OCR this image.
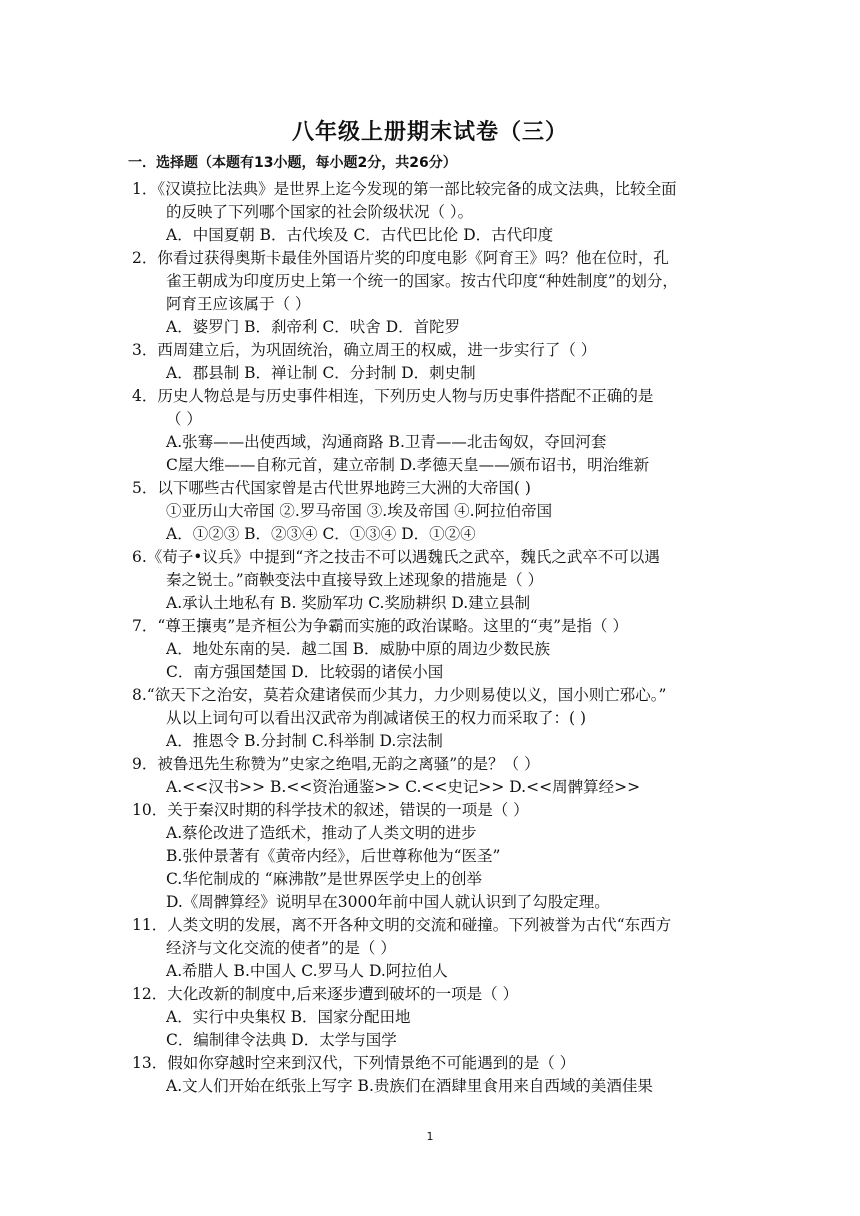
八年级上册期末试卷（三）
一．选择题（本题有13小题，每小题2分，共26分）
1．《汉谟拉比法典》是世界上迄今发现的第一部比较完备的成文法典，比较全面
的反映了下列哪个国家的社会阶级状况（ ）。
A．中国夏朝 B．古代埃及 C．古代巴比伦 D．古代印度
2．你看过获得奥斯卡最佳外国语片奖的印度电影《阿育王》吗？他在位时，孔
雀王朝成为印度历史上第一个统一的国家。按古代印度“种姓制度”的划分，
阿育王应该属于（ ）
A．婆罗门 B．刹帝利 C．吠舍 D．首陀罗
3．西周建立后，为巩固统治，确立周王的权威，进一步实行了（ ）
A．郡县制 B．禅让制 C．分封制 D．刺史制
4．历史人物总是与历史事件相连，下列历史人物与历史事件搭配不正确的是
（ ）
A.张骞——出使西域，沟通商路 B.卫青——北击匈奴，夺回河套
C屋大维——自称元首，建立帝制 D.孝德天皇——颁布诏书，明治维新
5．以下哪些古代国家曾是古代世界地跨三大洲的大帝国( )
①亚历山大帝国 ②.罗马帝国 ③.埃及帝国 ④.阿拉伯帝国
A．①②③ B．②③④ C．①③④ D．①②④
6.《荀子•议兵》中提到“齐之技击不可以遇魏氏之武卒，魏氏之武卒不可以遇
秦之锐士。”商鞅变法中直接导致上述现象的措施是（ ）
A.承认土地私有 B. 奖励军功 C.奖励耕织 D.建立县制
7．“尊王攘夷”是齐桓公为争霸而实施的政治谋略。这里的“夷”是指（ ）
A．地处东南的吴．越二国 B．威胁中原的周边少数民族
C．南方强国楚国 D．比较弱的诸侯小国
8.“欲天下之治安，莫若众建诸侯而少其力，力少则易使以义，国小则亡邪心。”
从以上词句可以看出汉武帝为削减诸侯王的权力而采取了：( )
A．推恩令 B.分封制 C.科举制 D.宗法制
9．被鲁迅先生称赞为”史家之绝唱,无韵之离骚”的是？（ ）
A.<<汉书>> B.<<资治通鉴>> C.<<史记>> D.<<周髀算经>>
10．关于秦汉时期的科学技术的叙述，错误的一项是（ ）
A.蔡伦改进了造纸术，推动了人类文明的进步
B.张仲景著有《黄帝内经》，后世尊称他为“医圣”
C.华佗制成的 “麻沸散”是世界医学史上的创举
D.《周髀算经》说明早在3000年前中国人就认识到了勾股定理。
11．人类文明的发展，离不开各种文明的交流和碰撞。下列被誉为古代“东西方
经济与文化交流的使者”的是（ ）
A.希腊人 B.中国人 C.罗马人 D.阿拉伯人
12．大化改新的制度中,后来逐步遭到破坏的一项是（ ）
A．实行中央集权 B．国家分配田地
C．编制律令法典 D．太学与国学
13．假如你穿越时空来到汉代，下列情景绝不可能遇到的是（ ）
A.文人们开始在纸张上写字 B.贵族们在酒肆里食用来自西域的美酒佳果
1
